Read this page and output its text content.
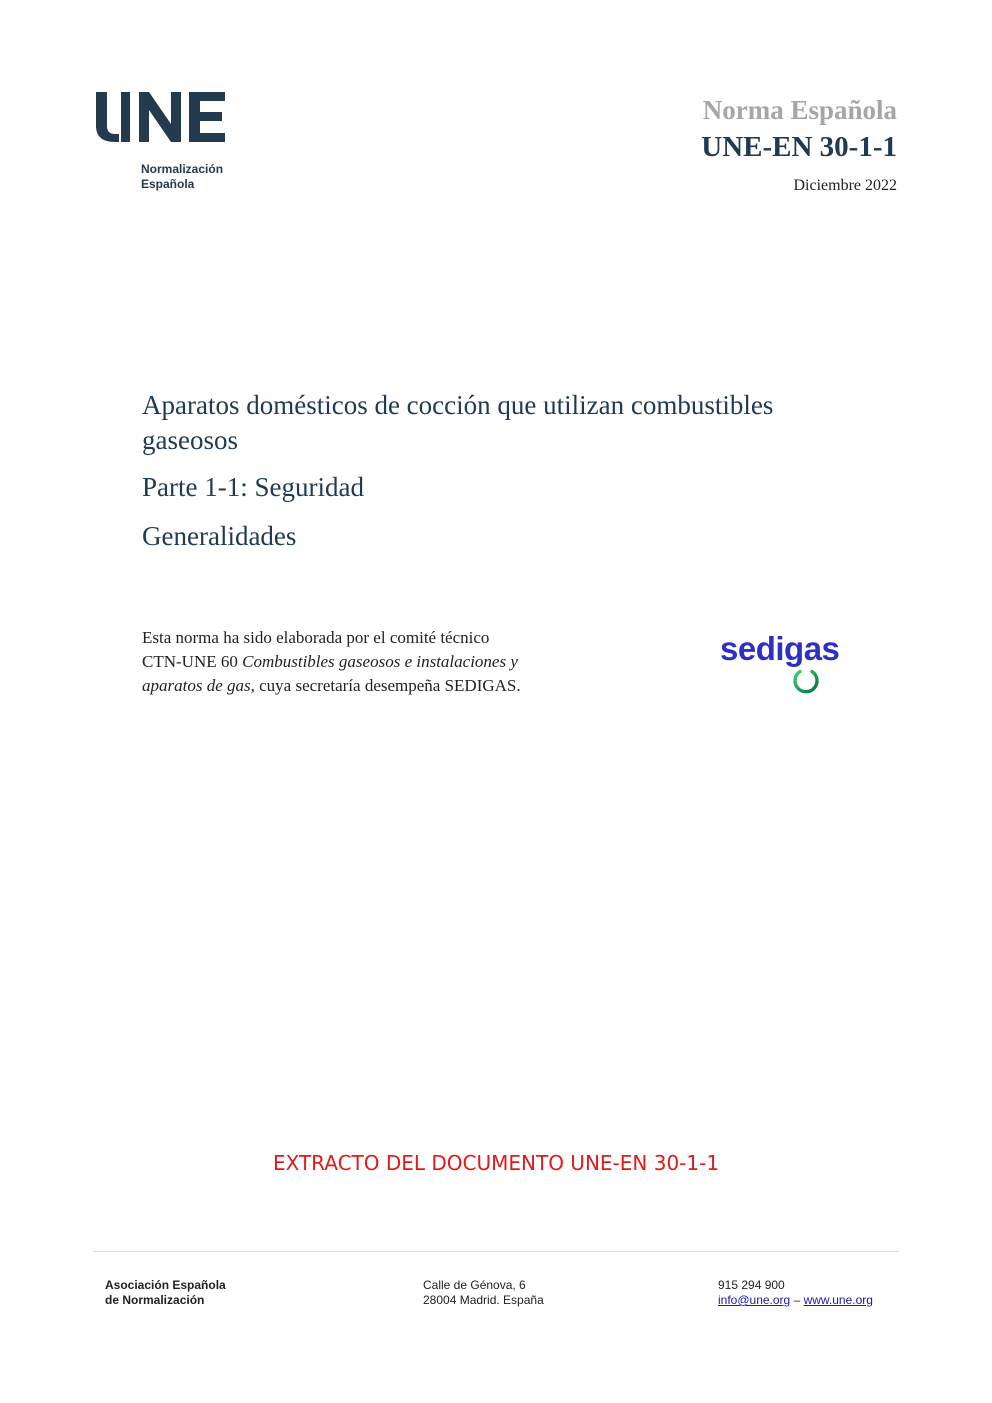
Normalización
Española
Norma Española
UNE-EN 30-1-1
Diciembre 2022
Aparatos domésticos de cocción que utilizan combustibles
gaseosos
Parte 1-1: Seguridad
Generalidades
Esta norma ha sido elaborada por el comité técnico
CTN-UNE 60 Combustibles gaseosos e instalaciones y
aparatos de gas, cuya secretaría desempeña SEDIGAS.
sedigas
EXTRACTO DEL DOCUMENTO UNE-EN 30-1-1
Asociación Española
de Normalización
Calle de Génova, 6
28004 Madrid. España
915 294 900
info@une.org – www.une.org
